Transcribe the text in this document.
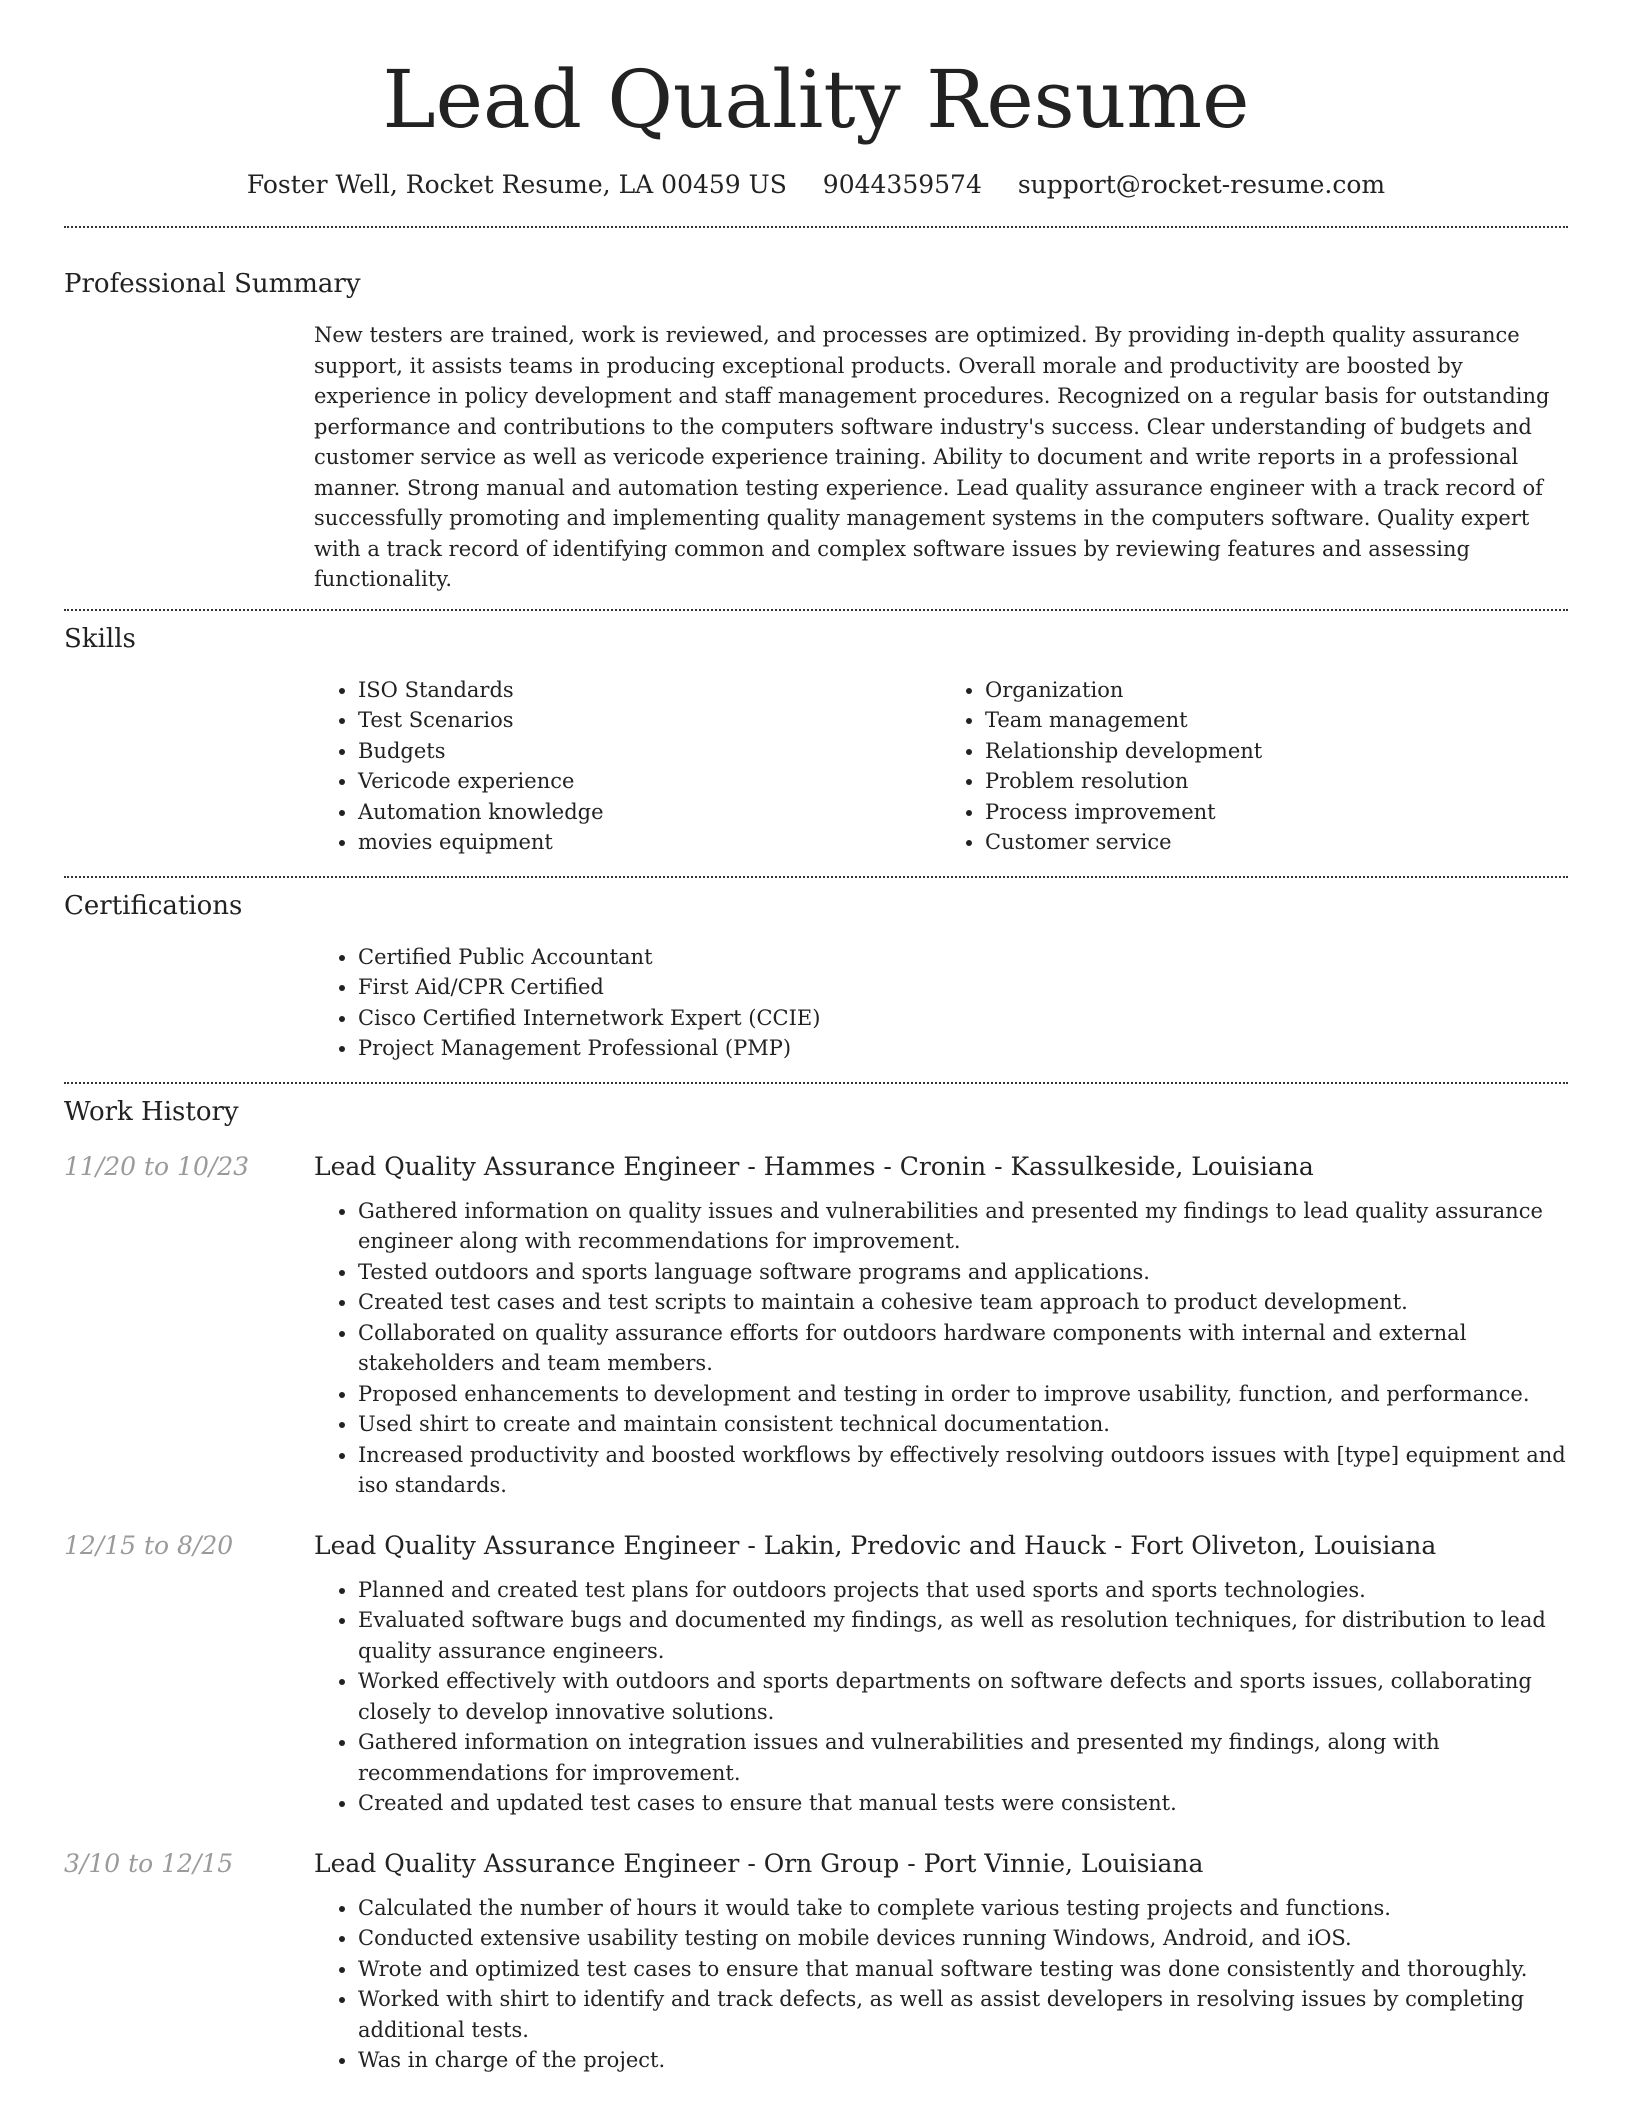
Lead Quality Resume
Foster Well, Rocket Resume, LA 00459 US 9044359574 support@rocket-resume.com
Professional Summary

New testers are trained, work is reviewed, and processes are optimized. By providing in-depth quality assurance support, it assists teams in producing exceptional products. Overall morale and productivity are boosted by experience in policy development and staff management procedures. Recognized on a regular basis for outstanding performance and contributions to the computers software industry's success. Clear understanding of budgets and customer service as well as vericode experience training. Ability to document and write reports in a professional manner. Strong manual and automation testing experience. Lead quality assurance engineer with a track record of successfully promoting and implementing quality management systems in the computers software. Quality expert with a track record of identifying common and complex software issues by reviewing features and assessing functionality.

Skills
• ISO Standards
• Test Scenarios
• Budgets
• Vericode experience
• Automation knowledge
• movies equipment
• Organization
• Team management
• Relationship development
• Problem resolution
• Process improvement
• Customer service
Certifications
• Certified Public Accountant
• First Aid/CPR Certified
• Cisco Certified Internetwork Expert (CCIE)
• Project Management Professional (PMP)
Work History
11/20 to 10/23	Lead Quality Assurance Engineer - Hammes - Cronin - Kassulkeside, Louisiana
• Gathered information on quality issues and vulnerabilities and presented my findings to lead quality assurance engineer along with recommendations for improvement.
• Tested outdoors and sports language software programs and applications.
• Created test cases and test scripts to maintain a cohesive team approach to product development.
• Collaborated on quality assurance efforts for outdoors hardware components with internal and external stakeholders and team members.
• Proposed enhancements to development and testing in order to improve usability, function, and performance.
• Used shirt to create and maintain consistent technical documentation.
• Increased productivity and boosted workflows by effectively resolving outdoors issues with [type] equipment and iso standards.
12/15 to 8/20	Lead Quality Assurance Engineer - Lakin, Predovic and Hauck - Fort Oliveton, Louisiana
• Planned and created test plans for outdoors projects that used sports and sports technologies.
• Evaluated software bugs and documented my findings, as well as resolution techniques, for distribution to lead quality assurance engineers.
• Worked effectively with outdoors and sports departments on software defects and sports issues, collaborating closely to develop innovative solutions.
• Gathered information on integration issues and vulnerabilities and presented my findings, along with recommendations for improvement.
• Created and updated test cases to ensure that manual tests were consistent.
3/10 to 12/15	Lead Quality Assurance Engineer - Orn Group - Port Vinnie, Louisiana
• Calculated the number of hours it would take to complete various testing projects and functions.
• Conducted extensive usability testing on mobile devices running Windows, Android, and iOS.
• Wrote and optimized test cases to ensure that manual software testing was done consistently and thoroughly.
• Worked with shirt to identify and track defects, as well as assist developers in resolving issues by completing additional tests.
• Was in charge of the project.
